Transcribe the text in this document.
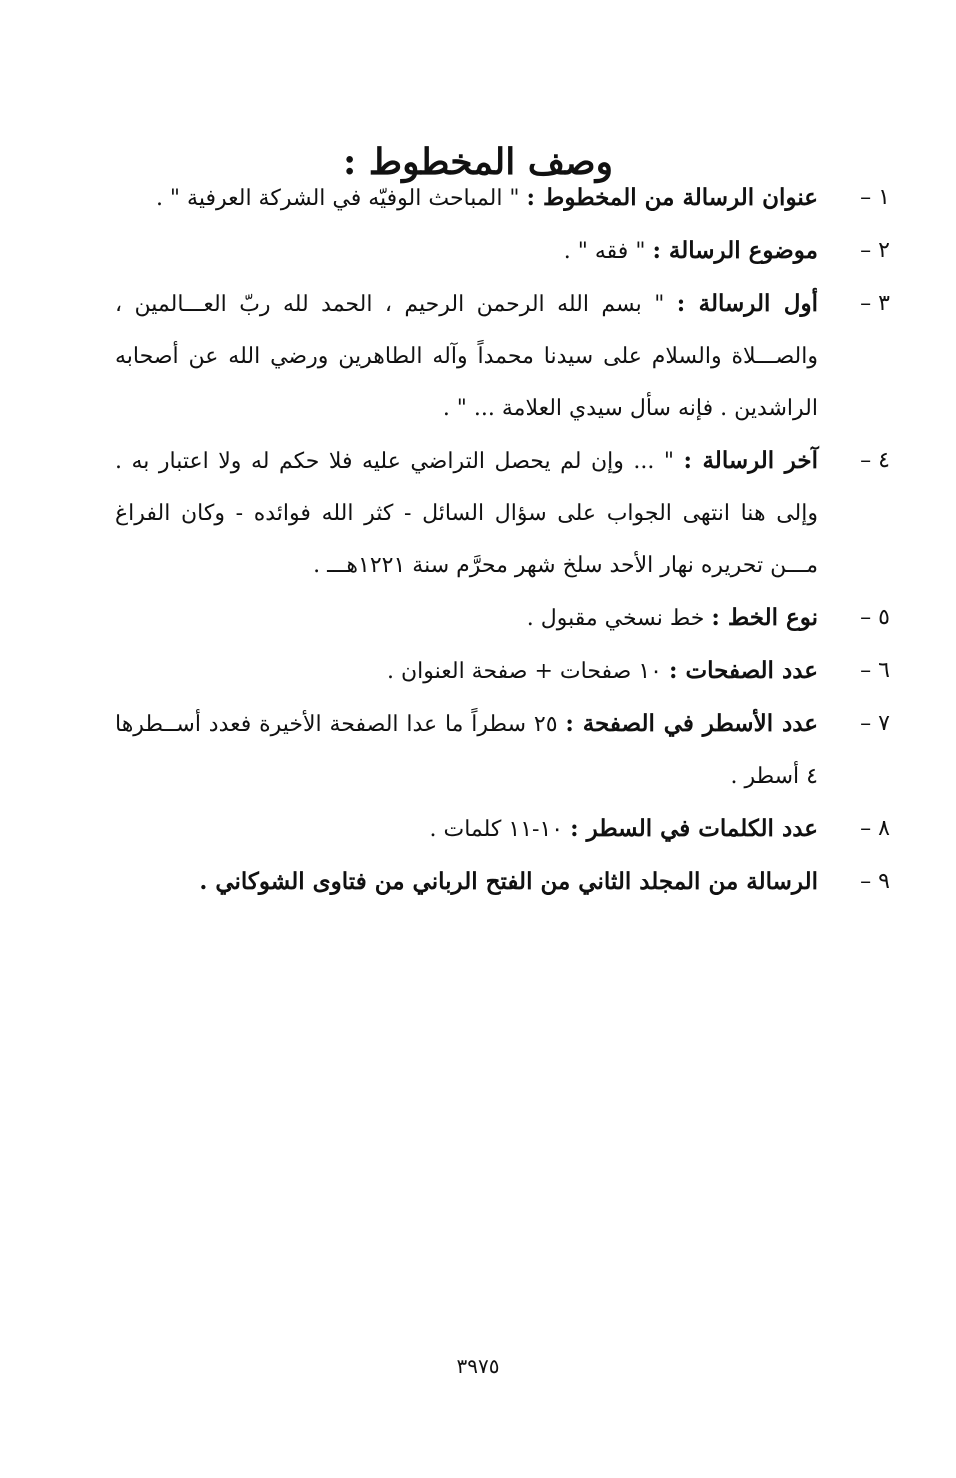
وصف المخطوط :
١ –
عنوان الرسالة من المخطوط : " المباحث الوفيّه في الشركة العرفية " .
٢ –
موضوع الرسالة : " فقه " .
٣ –
أول الرسالة : " بسم الله الرحمن الرحيم ، الحمد لله ربّ العـــالمين ، والصـــلاة والسلام على سيدنا محمداً وآله الطاهرين ورضي الله عن أصحابه الراشدين . فإنه سأل سيدي العلامة ... " .
٤ –
آخر الرسالة : " ... وإن لم يحصل التراضي عليه فلا حكم له ولا اعتبار به . وإلى هنا انتهى الجواب على سؤال السائل - كثر الله فوائده - وكان الفراغ مـــن تحريره نهار الأحد سلخ شهر محرَّم سنة ١٢٢١هـــ .
٥ –
نوع الخط : خط نسخي مقبول .
٦ –
عدد الصفحات : ١٠ صفحات + صفحة العنوان .
٧ –
عدد الأسطر في الصفحة : ٢٥ سطراً ما عدا الصفحة الأخيرة فعدد أســطرها ٤ أسطر .
٨ –
عدد الكلمات في السطر : ١٠-١١ كلمات .
٩ –
الرسالة من المجلد الثاني من الفتح الرباني من فتاوى الشوكاني .
٣٩٧٥
